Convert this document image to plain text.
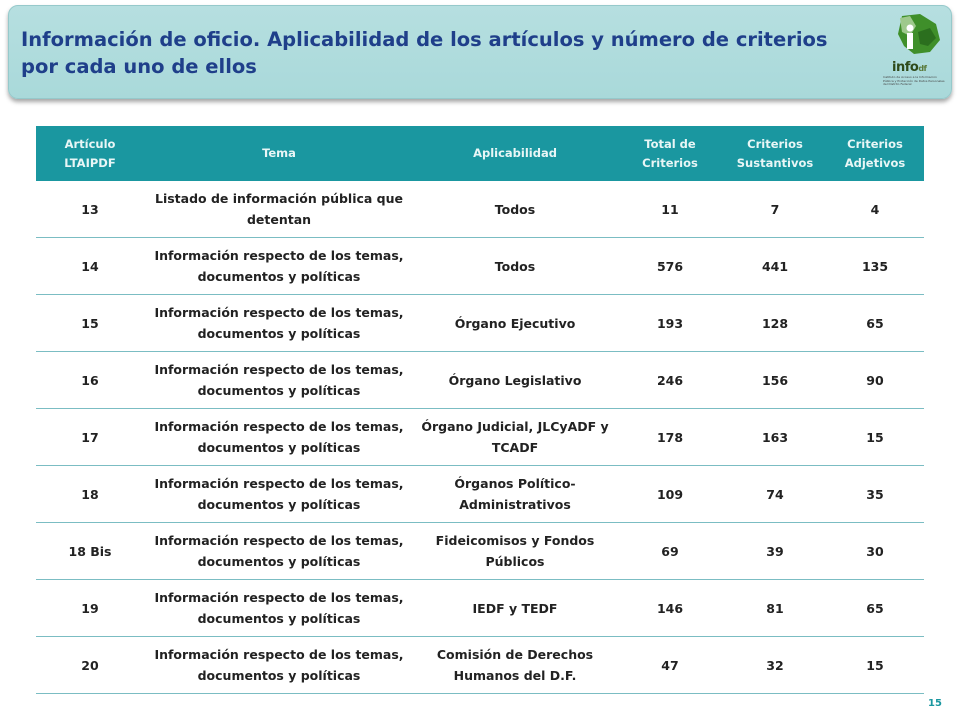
Información de oficio. Aplicabilidad de los artículos y número de criterios por cada uno de ellos	infodf
Instituto de Acceso a la Información Pública y Protección de Datos Personales del Distrito Federal
Artículo LTAIPDF	Tema	Aplicabilidad	Total de Criterios	Criterios Sustantivos	Criterios Adjetivos
13	Listado de información pública que detentan	Todos	11	7	4
14	Información respecto de los temas, documentos y políticas	Todos	576	441	135
15	Información respecto de los temas, documentos y políticas	Órgano Ejecutivo	193	128	65
16	Información respecto de los temas, documentos y políticas	Órgano Legislativo	246	156	90
17	Información respecto de los temas, documentos y políticas	Órgano Judicial, JLCyADF y TCADF	178	163	15
18	Información respecto de los temas, documentos y políticas	Órganos Político-Administrativos	109	74	35
18 Bis	Información respecto de los temas, documentos y políticas	Fideicomisos y Fondos Públicos	69	39	30
19	Información respecto de los temas, documentos y políticas	IEDF y TEDF	146	81	65
20	Información respecto de los temas, documentos y políticas	Comisión de Derechos Humanos del D.F.	47	32	15
15
